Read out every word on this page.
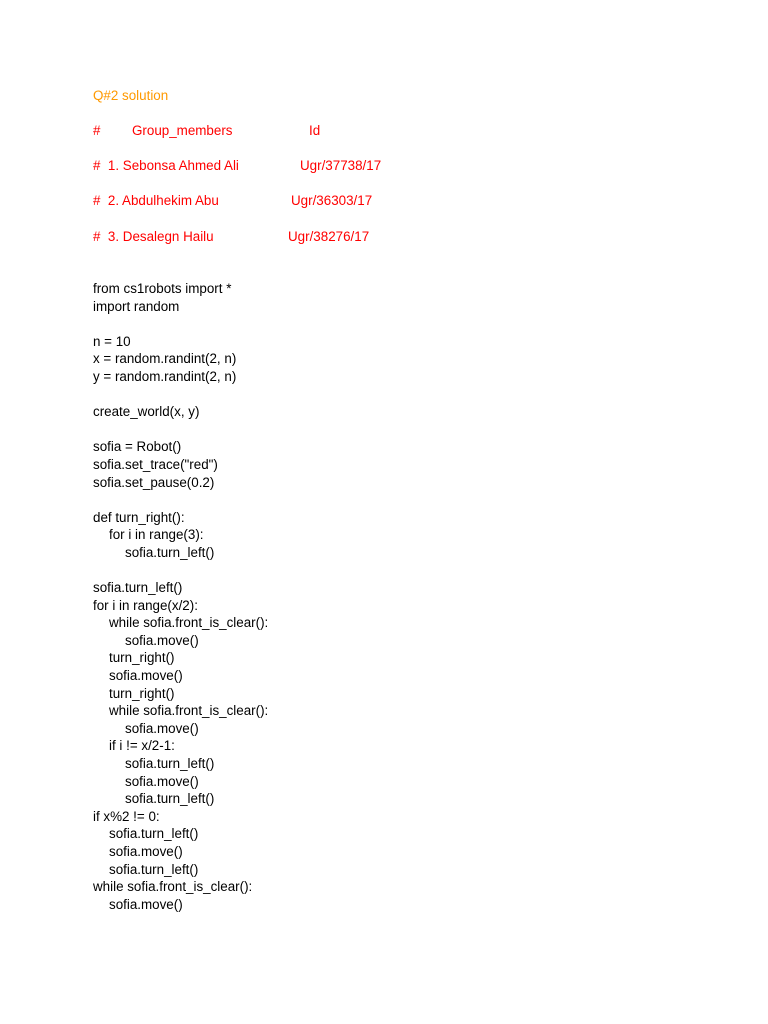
Q#2 solution
# Group_members	Id
#  1. Sebonsa Ahmed Ali	Ugr/37738/17
#  2. Abdulhekim Abu	Ugr/36303/17
#  3. Desalegn Hailu	Ugr/38276/17
from cs1robots import *
import random
n = 10
x = random.randint(2, n)
y = random.randint(2, n)
create_world(x, y)
sofia = Robot()
sofia.set_trace("red")
sofia.set_pause(0.2)
def turn_right():
for i in range(3):
sofia.turn_left()
sofia.turn_left()
for i in range(x/2):
while sofia.front_is_clear():
sofia.move()
turn_right()
sofia.move()
turn_right()
while sofia.front_is_clear():
sofia.move()
if i != x/2-1:
sofia.turn_left()
sofia.move()
sofia.turn_left()
if x%2 != 0:
sofia.turn_left()
sofia.move()
sofia.turn_left()
while sofia.front_is_clear():
sofia.move()
